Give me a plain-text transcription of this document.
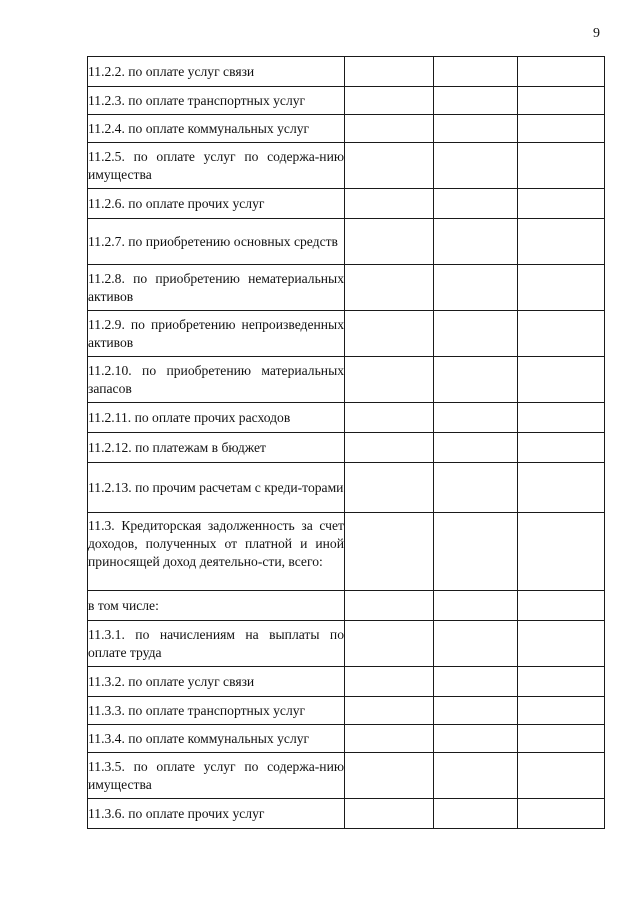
9
11.2.2. по оплате услуг связи			
11.2.3. по оплате транспортных услуг			
11.2.4. по оплате коммунальных услуг			
11.2.5. по оплате услуг по содержа-нию имущества			
11.2.6. по оплате прочих услуг			
11.2.7. по приобретению основных средств			
11.2.8. по приобретению нематериальных активов			
11.2.9. по приобретению непроизведенных активов			
11.2.10. по приобретению материальных запасов			
11.2.11. по оплате прочих расходов			
11.2.12. по платежам в бюджет			
11.2.13. по прочим расчетам с креди-торами			
11.3. Кредиторская задолженность за счет доходов, полученных от платной и иной приносящей доход деятельно-сти, всего:			
в том числе:			
11.3.1. по начислениям на выплаты по оплате труда			
11.3.2. по оплате услуг связи			
11.3.3. по оплате транспортных услуг			
11.3.4. по оплате коммунальных услуг			
11.3.5. по оплате услуг по содержа-нию имущества			
11.3.6. по оплате прочих услуг			
